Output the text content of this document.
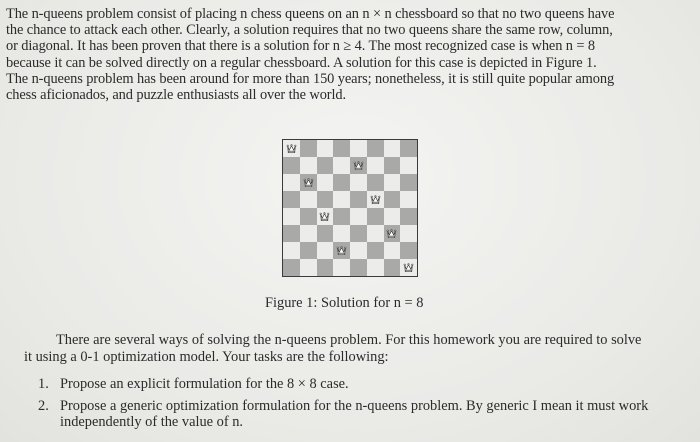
The n-queens problem consist of placing n chess queens on an n × n chessboard so that no two queens have

the chance to attack each other. Clearly, a solution requires that no two queens share the same row, column,

or diagonal. It has been proven that there is a solution for n ≥ 4. The most recognized case is when n = 8

because it can be solved directly on a regular chessboard. A solution for this case is depicted in Figure 1.

The n-queens problem has been around for more than 150 years; nonetheless, it is still quite popular among

chess aficionados, and puzzle enthusiasts all over the world.

Figure 1: Solution for n = 8

There are several ways of solving the n-queens problem. For this homework you are required to solve

it using a 0-1 optimization model. Your tasks are the following:
1. Propose an explicit formulation for the 8 × 8 case.
2. Propose a generic optimization formulation for the n-queens problem. By generic I mean it must work independently of the value of n.
